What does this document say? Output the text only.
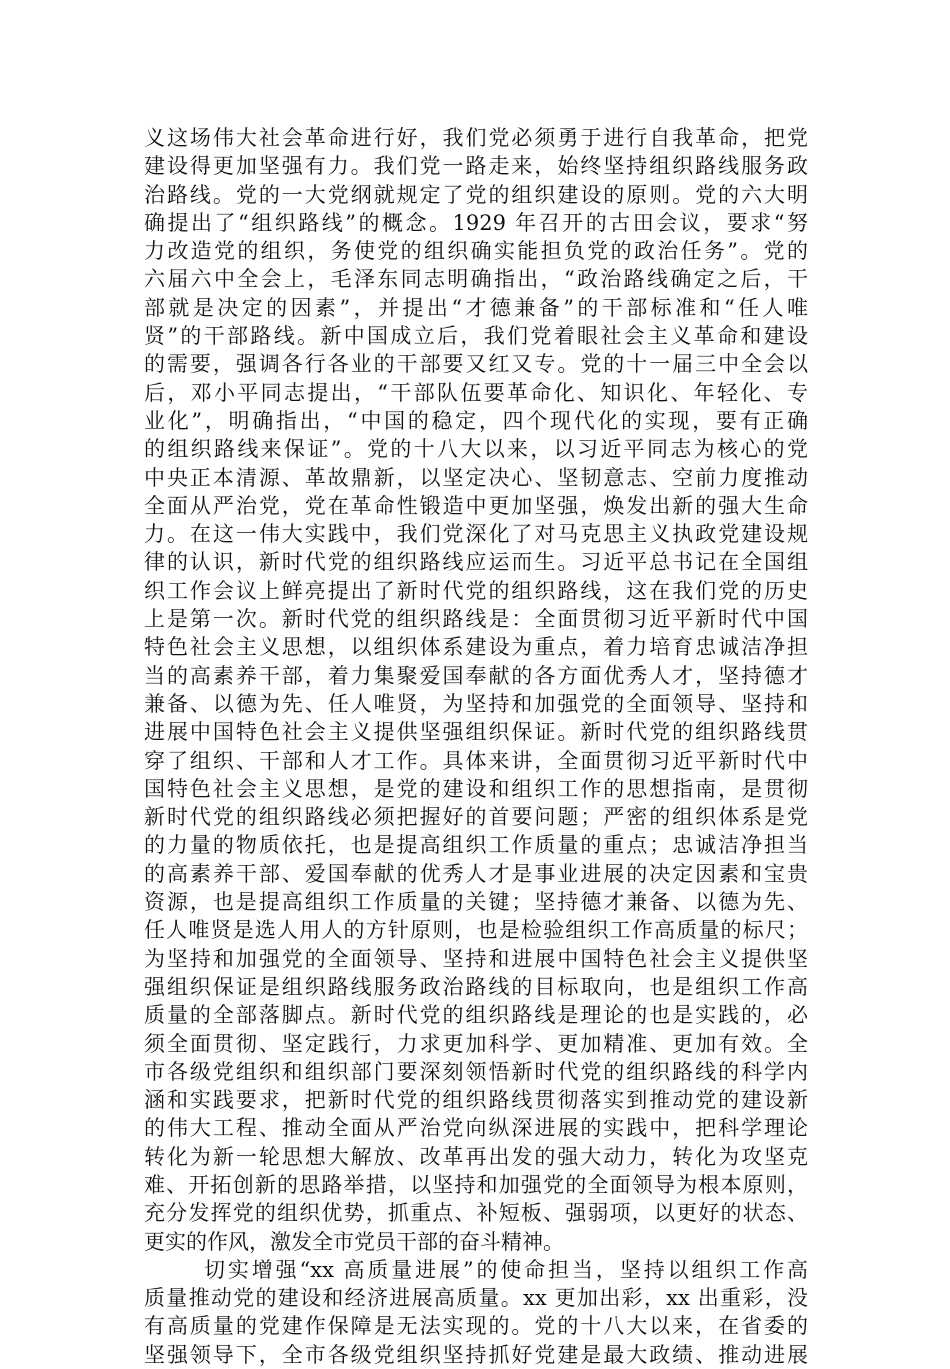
义这场伟大社会革命进行好，我们党必须勇于进行自我革命，把党
建设得更加坚强有力。我们党一路走来，始终坚持组织路线服务政
治路线。党的一大党纲就规定了党的组织建设的原则。党的六大明
确提出了“组织路线”的概念。1929 年召开的古田会议，要求“努
力改造党的组织，务使党的组织确实能担负党的政治任务”。党的
六届六中全会上，毛泽东同志明确指出，“政治路线确定之后，干
部就是决定的因素”，并提出“才德兼备”的干部标准和“任人唯
贤”的干部路线。新中国成立后，我们党着眼社会主义革命和建设
的需要，强调各行各业的干部要又红又专。党的十一届三中全会以
后，邓小平同志提出，“干部队伍要革命化、知识化、年轻化、专
业化”，明确指出，“中国的稳定，四个现代化的实现，要有正确
的组织路线来保证”。党的十八大以来，以习近平同志为核心的党
中央正本清源、革故鼎新，以坚定决心、坚韧意志、空前力度推动
全面从严治党，党在革命性锻造中更加坚强，焕发出新的强大生命
力。在这一伟大实践中，我们党深化了对马克思主义执政党建设规
律的认识，新时代党的组织路线应运而生。习近平总书记在全国组
织工作会议上鲜亮提出了新时代党的组织路线，这在我们党的历史
上是第一次。新时代党的组织路线是：全面贯彻习近平新时代中国
特色社会主义思想，以组织体系建设为重点，着力培育忠诚洁净担
当的高素养干部，着力集聚爱国奉献的各方面优秀人才，坚持德才
兼备、以德为先、任人唯贤，为坚持和加强党的全面领导、坚持和
进展中国特色社会主义提供坚强组织保证。新时代党的组织路线贯
穿了组织、干部和人才工作。具体来讲，全面贯彻习近平新时代中
国特色社会主义思想，是党的建设和组织工作的思想指南，是贯彻
新时代党的组织路线必须把握好的首要问题；严密的组织体系是党
的力量的物质依托，也是提高组织工作质量的重点；忠诚洁净担当
的高素养干部、爱国奉献的优秀人才是事业进展的决定因素和宝贵
资源，也是提高组织工作质量的关键；坚持德才兼备、以德为先、
任人唯贤是选人用人的方针原则，也是检验组织工作高质量的标尺；
为坚持和加强党的全面领导、坚持和进展中国特色社会主义提供坚
强组织保证是组织路线服务政治路线的目标取向，也是组织工作高
质量的全部落脚点。新时代党的组织路线是理论的也是实践的，必
须全面贯彻、坚定践行，力求更加科学、更加精准、更加有效。全
市各级党组织和组织部门要深刻领悟新时代党的组织路线的科学内
涵和实践要求，把新时代党的组织路线贯彻落实到推动党的建设新
的伟大工程、推动全面从严治党向纵深进展的实践中，把科学理论
转化为新一轮思想大解放、改革再出发的强大动力，转化为攻坚克
难、开拓创新的思路举措，以坚持和加强党的全面领导为根本原则，
充分发挥党的组织优势，抓重点、补短板、强弱项，以更好的状态、
更实的作风，激发全市党员干部的奋斗精神。
切实增强“xx 高质量进展”的使命担当，坚持以组织工作高
质量推动党的建设和经济进展高质量。xx 更加出彩，xx 出重彩，没
有高质量的党建作保障是无法实现的。党的十八大以来，在省委的
坚强领导下，全市各级党组织坚持抓好党建是最大政绩、推动进展
